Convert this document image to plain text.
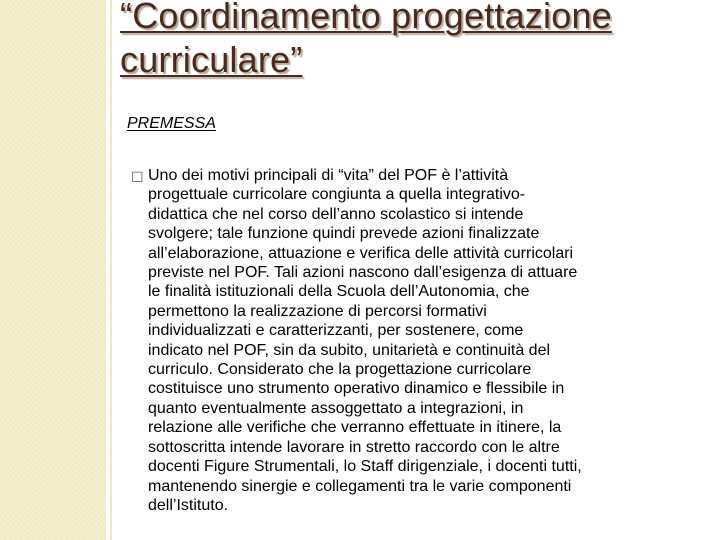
“Coordinamento progettazione
curriculare”
PREMESSA
☐ Uno dei motivi principali di “vita” del POF è l’attività
progettuale curricolare congiunta a quella integrativo-
didattica che nel corso dell’anno scolastico si intende
svolgere; tale funzione quindi prevede azioni finalizzate
all’elaborazione, attuazione e verifica delle attività curricolari
previste nel POF. Tali azioni nascono dall’esigenza di attuare
le finalità istituzionali della Scuola dell’Autonomia, che
permettono la realizzazione di percorsi formativi
individualizzati e caratterizzanti, per sostenere, come
indicato nel POF, sin da subito, unitarietà e continuità del
curriculo. Considerato che la progettazione curricolare
costituisce uno strumento operativo dinamico e flessibile in
quanto eventualmente assoggettato a integrazioni, in
relazione alle verifiche che verranno effettuate in itinere, la
sottoscritta intende lavorare in stretto raccordo con le altre
docenti Figure Strumentali, lo Staff dirigenziale, i docenti tutti,
mantenendo sinergie e collegamenti tra le varie componenti
dell’Istituto.
